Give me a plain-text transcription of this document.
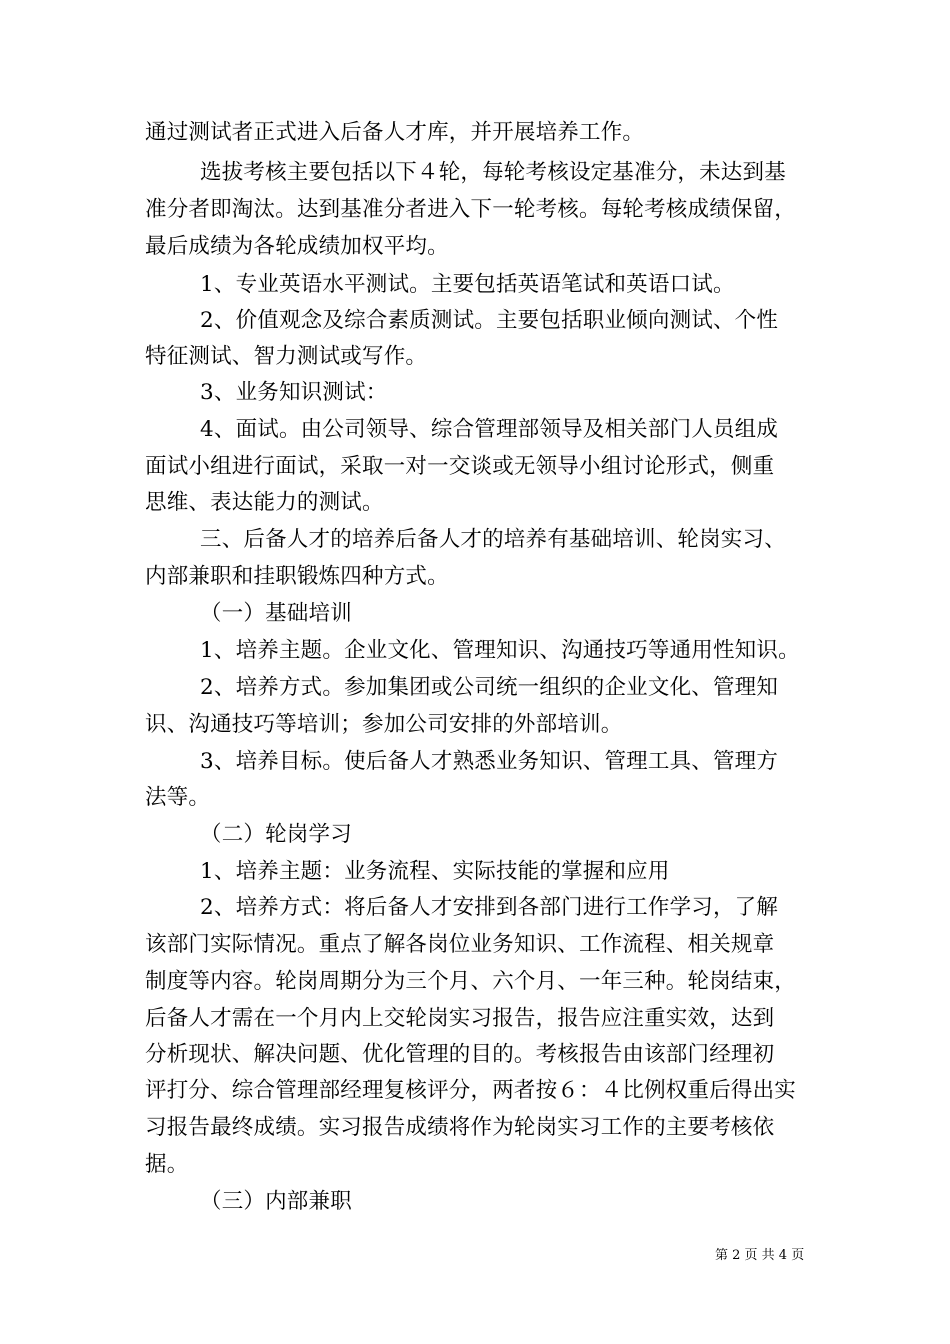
通过测试者正式进入后备人才库，并开展培养工作。
选拔考核主要包括以下４轮，每轮考核设定基准分，未达到基
准分者即淘汰。达到基准分者进入下一轮考核。每轮考核成绩保留，
最后成绩为各轮成绩加权平均。
1、专业英语水平测试。主要包括英语笔试和英语口试。
2、价值观念及综合素质测试。主要包括职业倾向测试、个性
特征测试、智力测试或写作。
3、业务知识测试：
4、面试。由公司领导、综合管理部领导及相关部门人员组成
面试小组进行面试，采取一对一交谈或无领导小组讨论形式，侧重
思维、表达能力的测试。
三、后备人才的培养后备人才的培养有基础培训、轮岗实习、
内部兼职和挂职锻炼四种方式。
（一）基础培训
1、培养主题。企业文化、管理知识、沟通技巧等通用性知识。
2、培养方式。参加集团或公司统一组织的企业文化、管理知
识、沟通技巧等培训；参加公司安排的外部培训。
3、培养目标。使后备人才熟悉业务知识、管理工具、管理方
法等。
（二）轮岗学习
1、培养主题：业务流程、实际技能的掌握和应用
2、培养方式：将后备人才安排到各部门进行工作学习，了解
该部门实际情况。重点了解各岗位业务知识、工作流程、相关规章
制度等内容。轮岗周期分为三个月、六个月、一年三种。轮岗结束，
后备人才需在一个月内上交轮岗实习报告，报告应注重实效，达到
分析现状、解决问题、优化管理的目的。考核报告由该部门经理初
评打分、综合管理部经理复核评分，两者按６：４比例权重后得出实
习报告最终成绩。实习报告成绩将作为轮岗实习工作的主要考核依
据。
（三）内部兼职
第 2 页 共 4 页
